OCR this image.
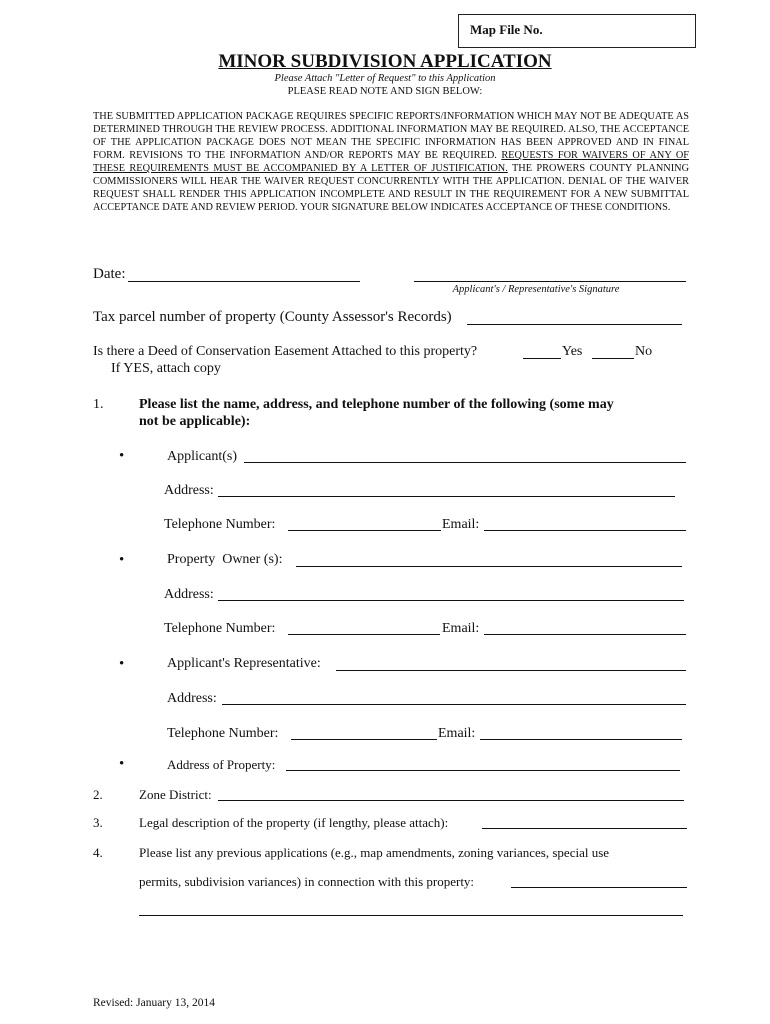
Map File No.
MINOR SUBDIVISION APPLICATION
Please Attach "Letter of Request" to this Application
PLEASE READ NOTE AND SIGN BELOW:
THE SUBMITTED APPLICATION PACKAGE REQUIRES SPECIFIC REPORTS/INFORMATION WHICH MAY NOT BE ADEQUATE AS DETERMINED THROUGH THE REVIEW PROCESS. ADDITIONAL INFORMATION MAY BE REQUIRED. ALSO, THE ACCEPTANCE OF THE APPLICATION PACKAGE DOES NOT MEAN THE SPECIFIC INFORMATION HAS BEEN APPROVED AND IN FINAL FORM. REVISIONS TO THE INFORMATION AND/OR REPORTS MAY BE REQUIRED. REQUESTS FOR WAIVERS OF ANY OF THESE REQUIREMENTS MUST BE ACCOMPANIED BY A LETTER OF JUSTIFICATION. THE PROWERS COUNTY PLANNING COMMISSIONERS WILL HEAR THE WAIVER REQUEST CONCURRENTLY WITH THE APPLICATION. DENIAL OF THE WAIVER REQUEST SHALL RENDER THIS APPLICATION INCOMPLETE AND RESULT IN THE REQUIREMENT FOR A NEW SUBMITTAL ACCEPTANCE DATE AND REVIEW PERIOD. YOUR SIGNATURE BELOW INDICATES ACCEPTANCE OF THESE CONDITIONS.
Date:
Applicant's / Representative's Signature
Tax parcel number of property (County Assessor's Records)
Is there a Deed of Conservation Easement Attached to this property?	Yes	No
If YES, attach copy
1.	Please list the name, address, and telephone number of the following (some may
not be applicable):
•	Applicant(s)
Address:
Telephone Number:	Email:
•	Property  Owner (s):
Address:
Telephone Number:	Email:
•	Applicant's Representative:
Address:
Telephone Number:	Email:
•	Address of Property:
2.	Zone District:
3.	Legal description of the property (if lengthy, please attach):
4.	Please list any previous applications (e.g., map amendments, zoning variances, special use
permits, subdivision variances) in connection with this property:
Revised: January 13, 2014
